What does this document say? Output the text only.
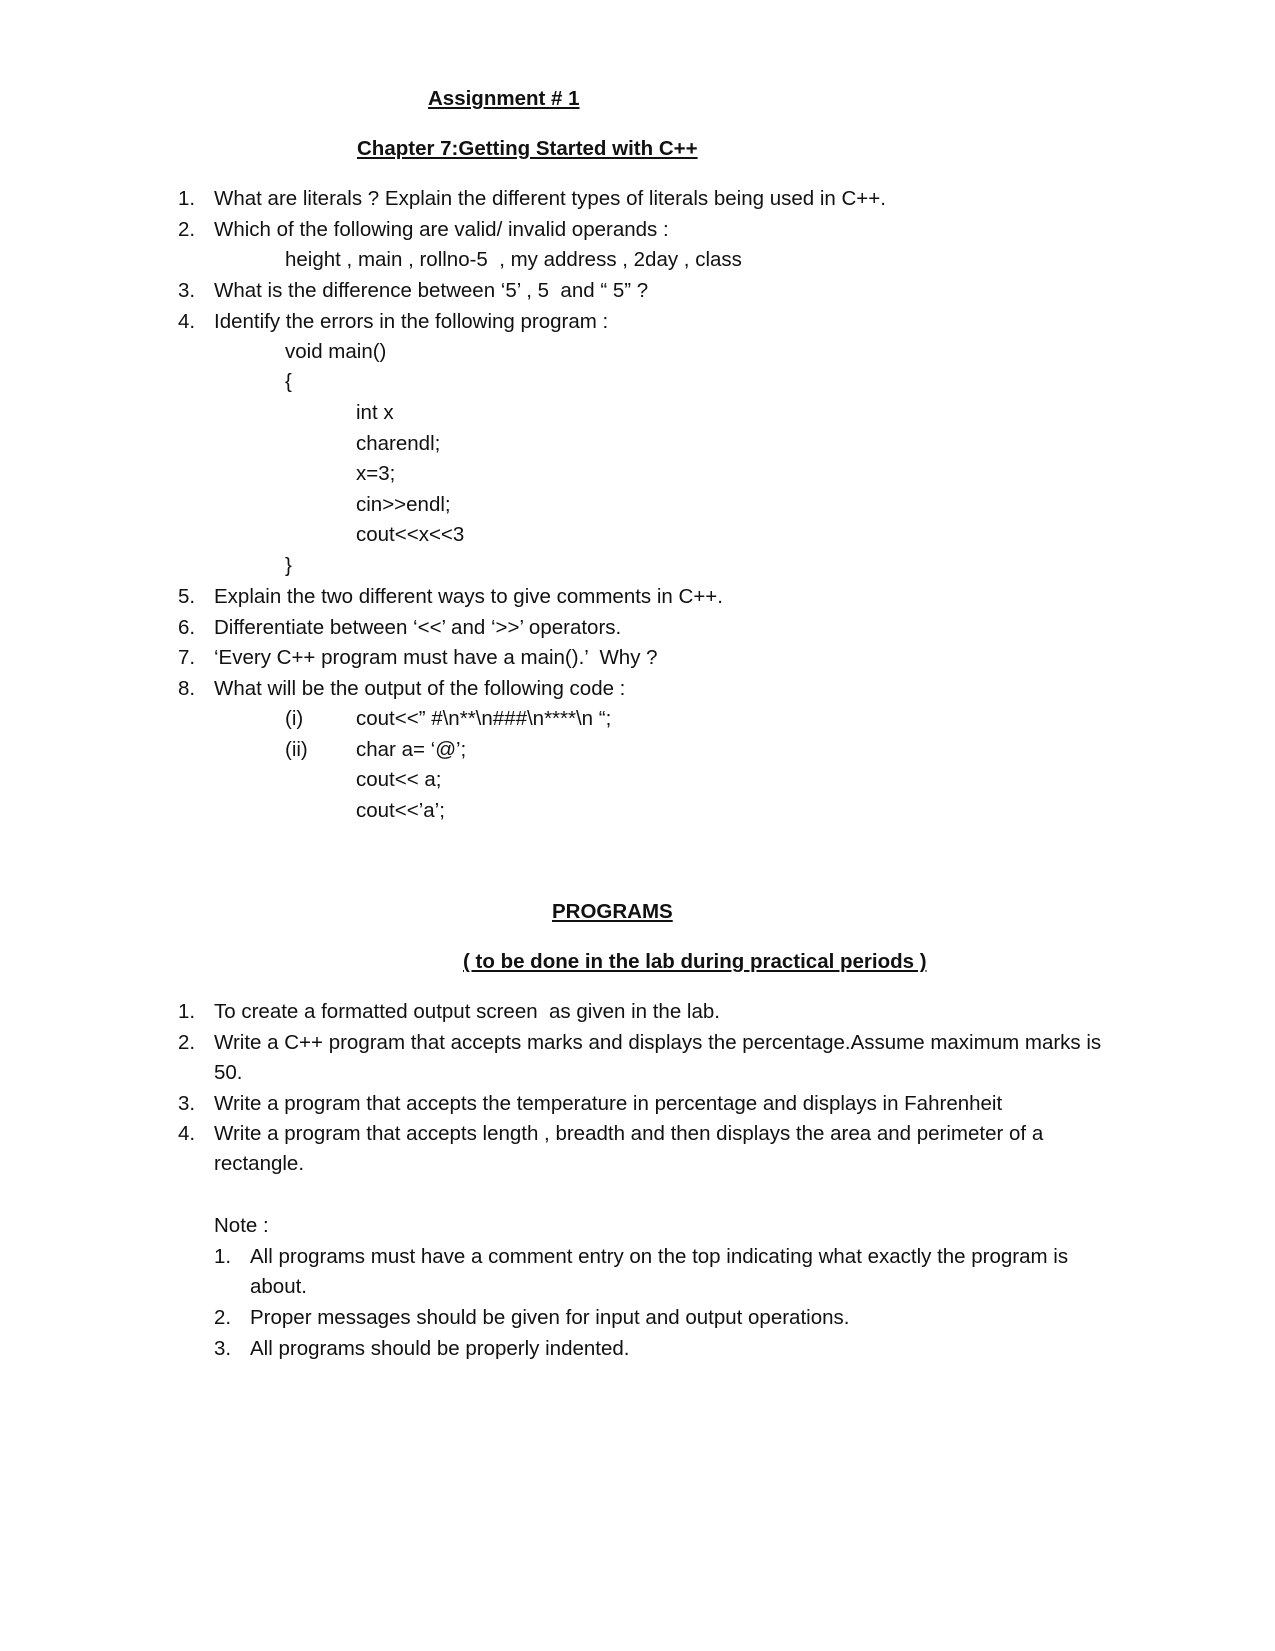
Assignment # 1
Chapter 7:Getting Started with C++
1. What are literals ? Explain the different types of literals being used in C++.
2. Which of the following are valid/ invalid operands :
height , main , rollno-5  , my address , 2day , class
3. What is the difference between ‘5’ , 5  and “ 5” ?
4. Identify the errors in the following program :
void main()
{
int x
charendl;
x=3;
cin>>endl;
cout<<x<<3
}
5. Explain the two different ways to give comments in C++.
6. Differentiate between ‘<<’ and ‘>>’ operators.
7. ‘Every C++ program must have a main().’  Why ?
8. What will be the output of the following code :
(i)	cout<<” #\n**\n###\n****\n “;
(ii) char a= ‘@’;
cout<< a;
cout<<’a’;
PROGRAMS
( to be done in the lab during practical periods )
1. To create a formatted output screen  as given in the lab.
2. Write a C++ program that accepts marks and displays the percentage.Assume maximum marks is
50.
3. Write a program that accepts the temperature in percentage and displays in Fahrenheit
4. Write a program that accepts length , breadth and then displays the area and perimeter of a
rectangle.
Note :
1. All programs must have a comment entry on the top indicating what exactly the program is
about.
2. Proper messages should be given for input and output operations.
3. All programs should be properly indented.
